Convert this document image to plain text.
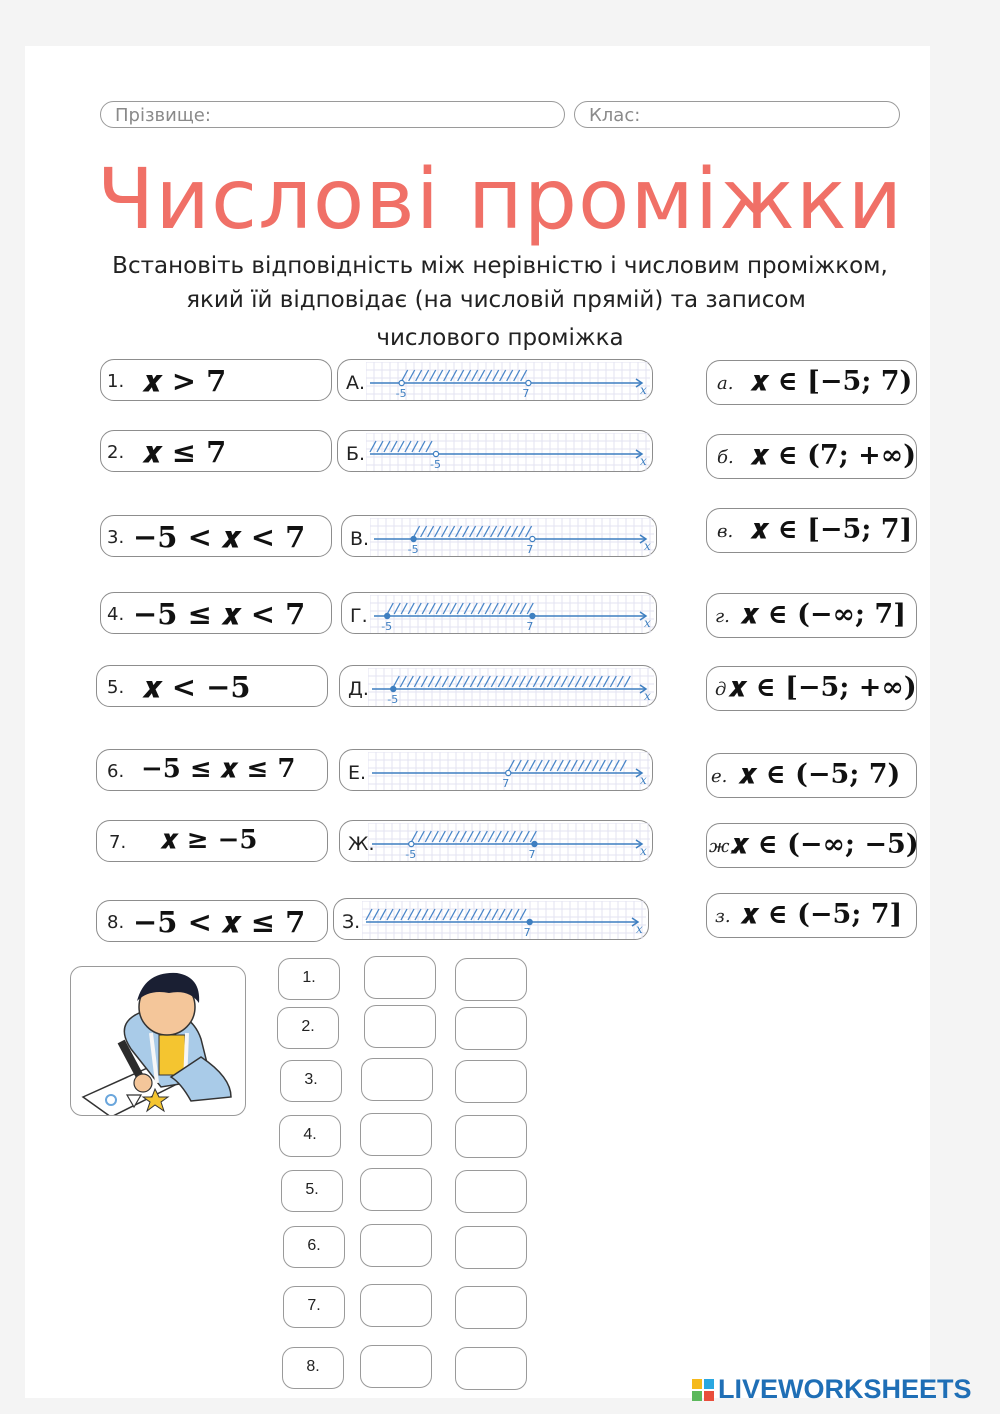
Прізвище:	Клас:
Числові проміжки
Встановіть відповідність між нерівністю і числовим проміжком,
який їй відповідає (на числовій прямій) та записом
числового проміжка
1. 𝒙 > 𝟕
2. 𝒙 ≤ 𝟕
3. −𝟓 < 𝒙 < 𝟕
4. −𝟓 ≤ 𝒙 < 𝟕
5. 𝒙 < −𝟓
6. −𝟓 ≤ 𝒙 ≤ 𝟕
7. 𝒙 ≥ −𝟓
8. −𝟓 < 𝒙 ≤ 𝟕
А.	x
-5	7
Б.	x
-5
В.	x
-5	7
Г.	x
-5	7
Д.	x
-5
Е.	x
7
Ж.	x
-5	7
З.	x
7
а. 𝒙 ∈ [−𝟓; 𝟕)
б. 𝒙 ∈ (𝟕; +∞)
в. 𝒙 ∈ [−𝟓; 𝟕]
г. 𝒙 ∈ (−∞; 𝟕]
д 𝒙 ∈ [−𝟓; +∞)
е. 𝒙 ∈ (−𝟓; 𝟕)
ж.
𝒙 ∈ (−∞; −𝟓)
з. 𝒙 ∈ (−𝟓; 𝟕]
1.
2.
3.
4.
5.
6.
7.
8.
LIVEWORKSHEETS
